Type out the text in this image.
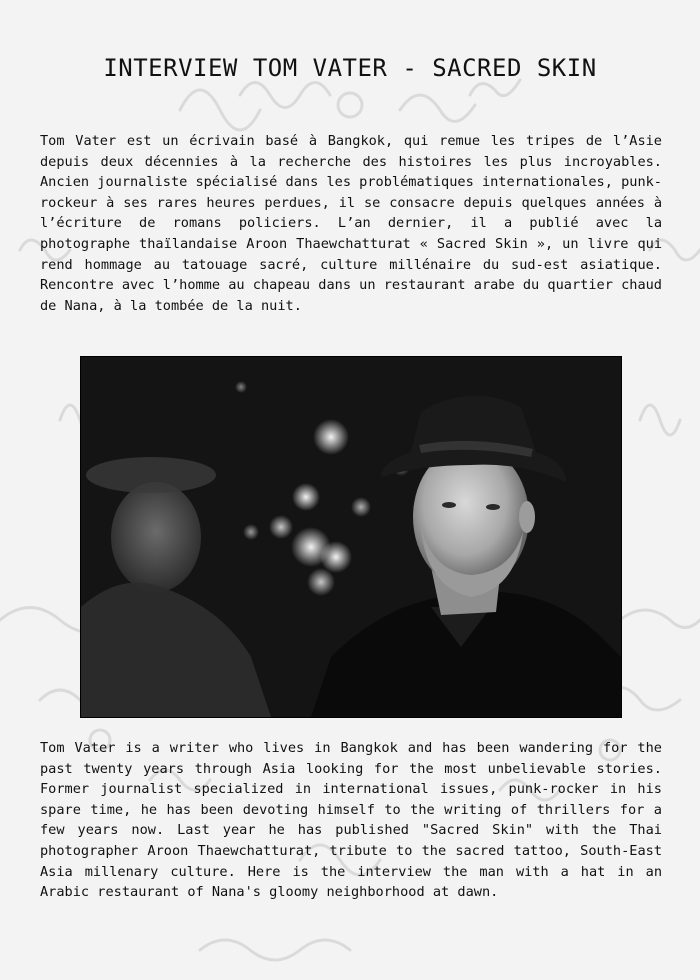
INTERVIEW TOM VATER - SACRED SKIN

Tom Vater est un écrivain basé à Bangkok, qui remue les tripes de l’Asie depuis deux décennies à la recherche des histoires les plus incroyables. Ancien journaliste spécialisé dans les problématiques internationales, punk-rockeur à ses rares heures perdues, il se consacre depuis quelques années à l’écriture de romans policiers. L’an dernier, il a publié avec la photographe thaïlandaise Aroon Thaewchatturat « Sacred Skin », un livre qui rend hommage au tatouage sacré, culture millénaire du sud-est asiatique. Rencontre avec l’homme au chapeau dans un restaurant arabe du quartier chaud de Nana, à la tombée de la nuit.

Tom Vater is a writer who lives in Bangkok and has been wandering for the past twenty years through Asia looking for the most unbelievable stories. Former journalist specialized in international issues, punk-rocker in his spare time, he has been devoting himself to the writing of thrillers for a few years now. Last year he has published "Sacred Skin" with the Thai photographer Aroon Thaewchatturat, tribute to the sacred tattoo, South-East Asia millenary culture. Here is the interview the man with a hat in an Arabic restaurant of Nana's gloomy neighborhood at dawn.
